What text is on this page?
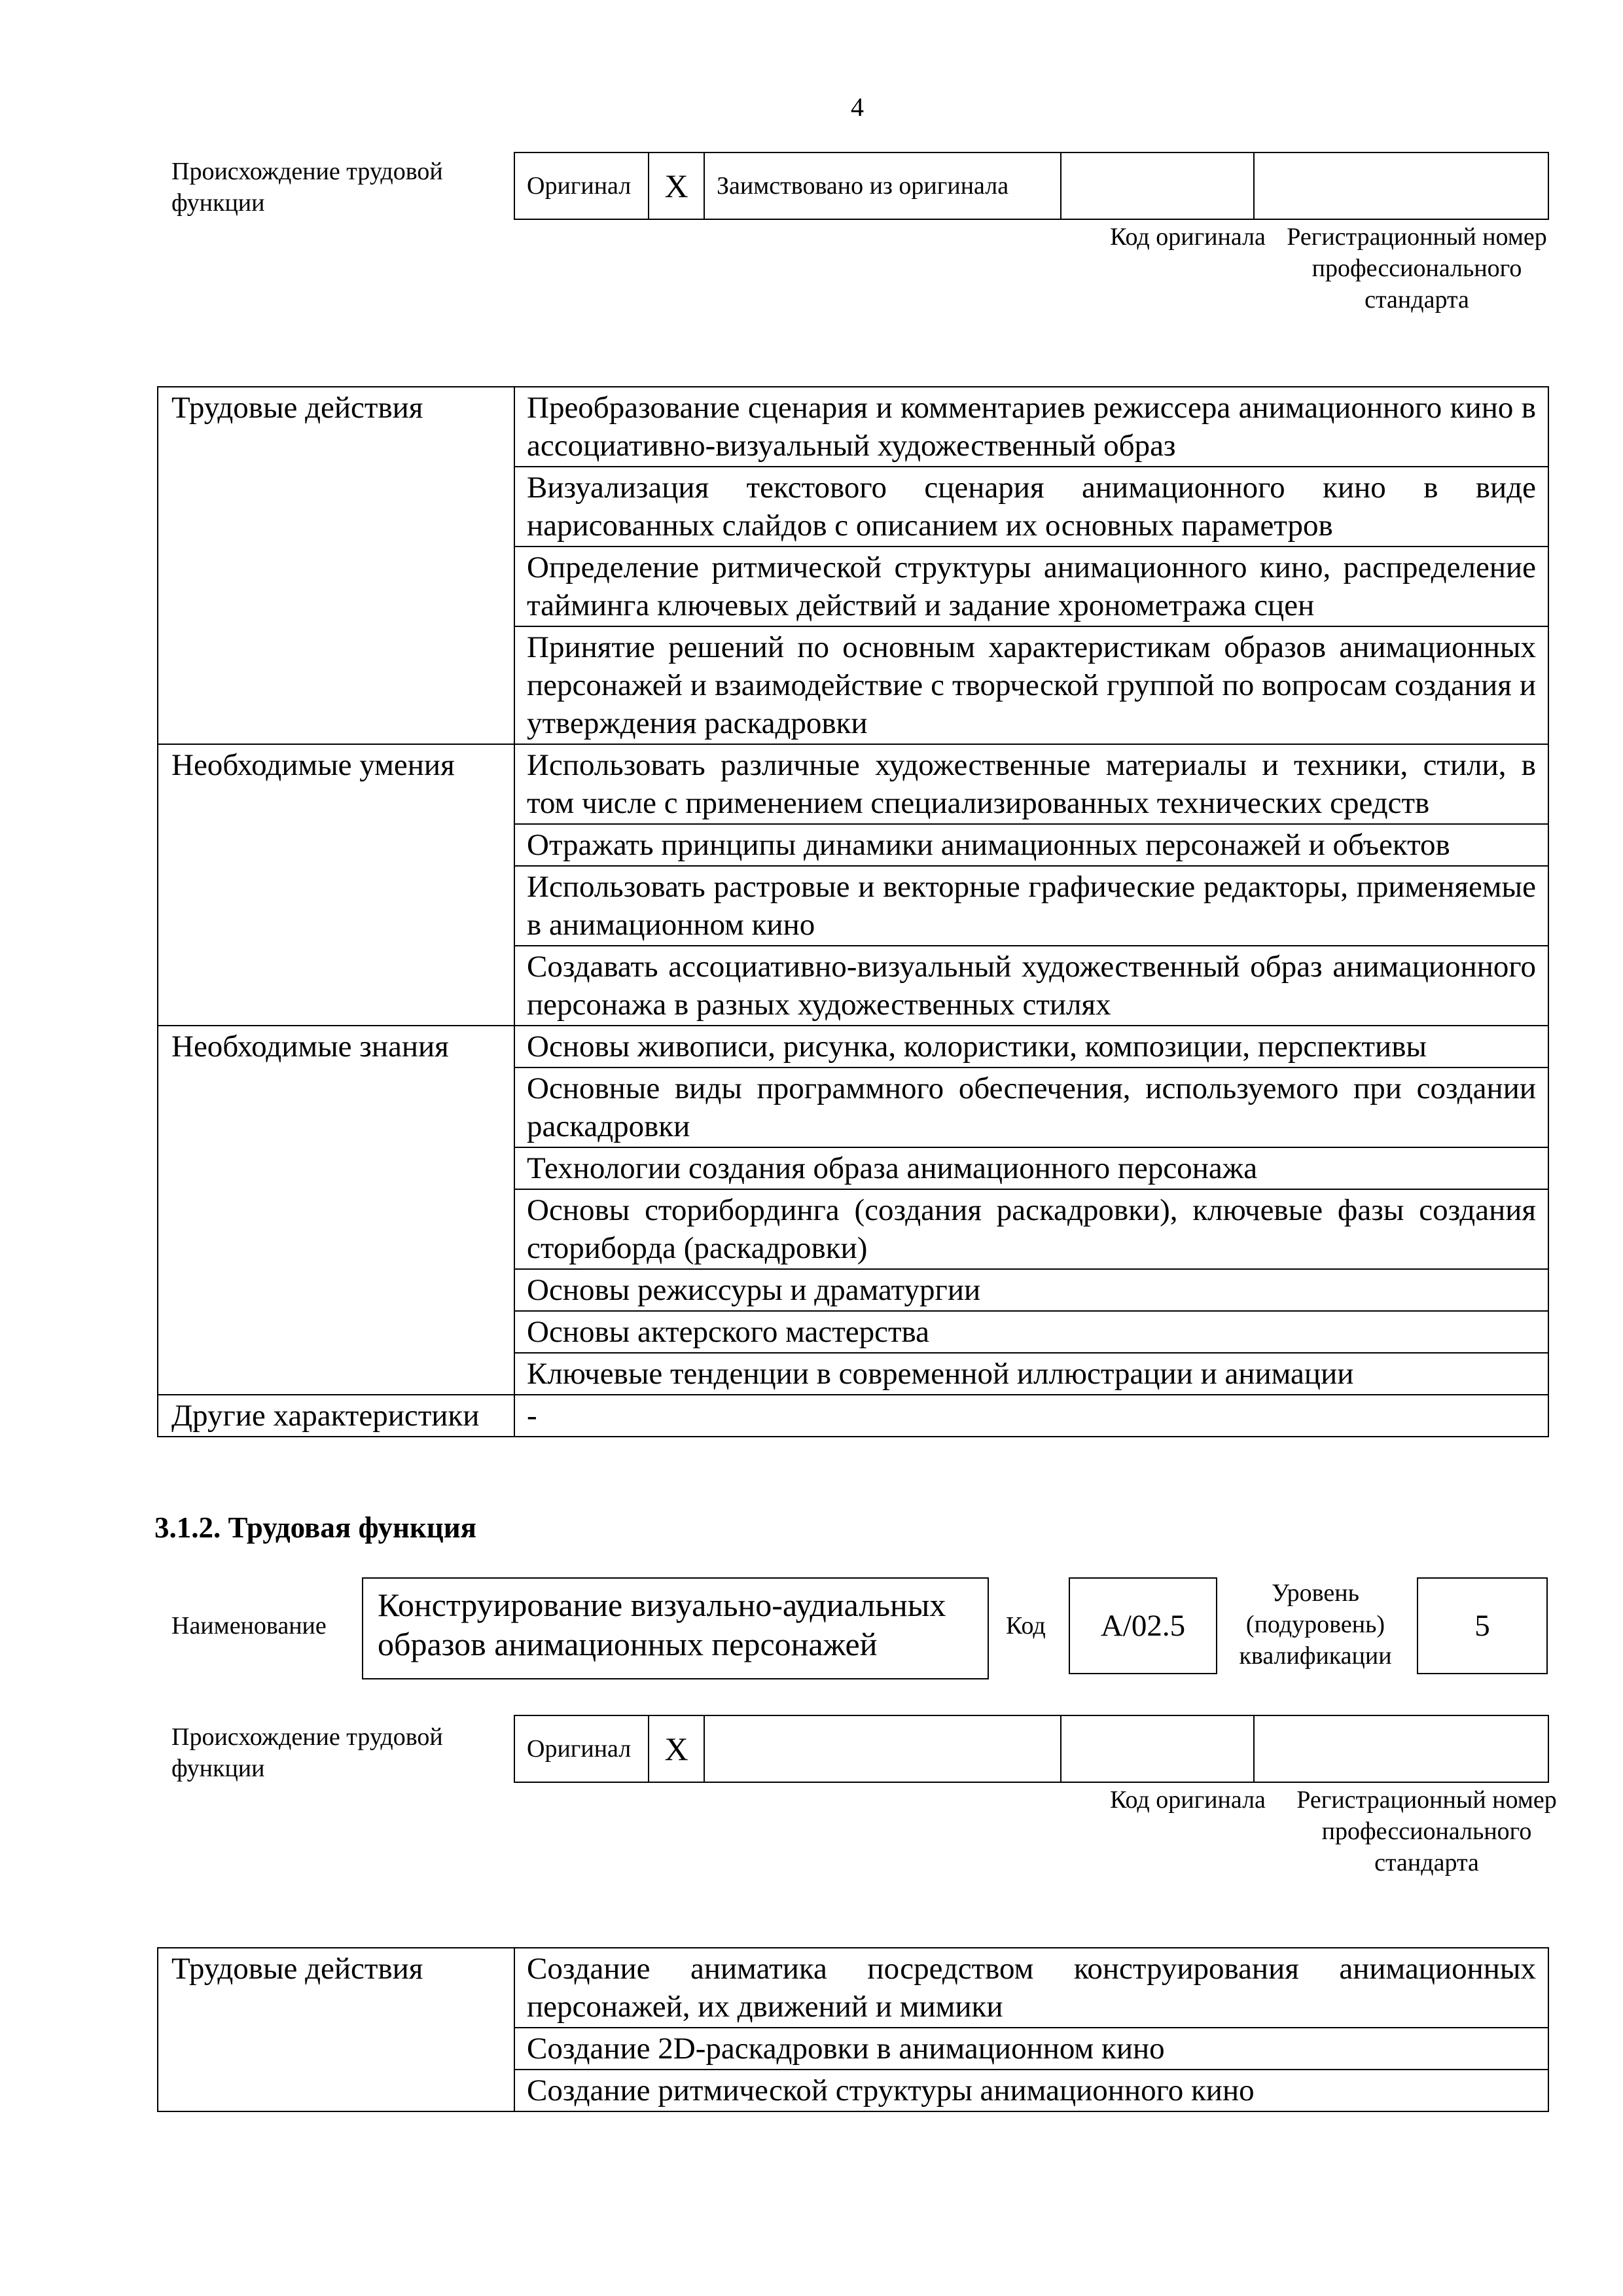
4
Происхождение трудовой функции
Оригинал	X	Заимствовано из оригинала		
Код оригинала Регистрационный номер профессионального стандарта
Трудовые действия	Преобразование сценария и комментариев режиссера анимационного кино в ассоциативно-визуальный художественный образ
	Визуализация текстового сценария анимационного кино в виде нарисованных слайдов с описанием их основных параметров
	Определение ритмической структуры анимационного кино, распределение тайминга ключевых действий и задание хронометража сцен
	Принятие решений по основным характеристикам образов анимационных персонажей и взаимодействие с творческой группой по вопросам создания и утверждения раскадровки
Необходимые умения	Использовать различные художественные материалы и техники, стили, в том числе с применением специализированных технических средств
	Отражать принципы динамики анимационных персонажей и объектов
	Использовать растровые и векторные графические редакторы, применяемые в анимационном кино
	Создавать ассоциативно-визуальный художественный образ анимационного персонажа в разных художественных стилях
Необходимые знания	Основы живописи, рисунка, колористики, композиции, перспективы
	Основные виды программного обеспечения, используемого при создании раскадровки
	Технологии создания образа анимационного персонажа
	Основы сторибординга (создания раскадровки), ключевые фазы создания сториборда (раскадровки)
	Основы режиссуры и драматургии
	Основы актерского мастерства
	Ключевые тенденции в современной иллюстрации и анимации
Другие характеристики	-
3.1.2. Трудовая функция
Наименование
Конструирование визуально-аудиальных образов анимационных персонажей	Код	A/02.5
Уровень (подуровень) квалификации
5
Происхождение трудовой функции
Оригинал	X			
Код оригинала	Регистрационный номер профессионального стандарта
Трудовые действия	Создание аниматика посредством конструирования анимационных персонажей, их движений и мимики
Создание 2D-раскадровки в анимационном кино
Создание ритмической структуры анимационного кино
